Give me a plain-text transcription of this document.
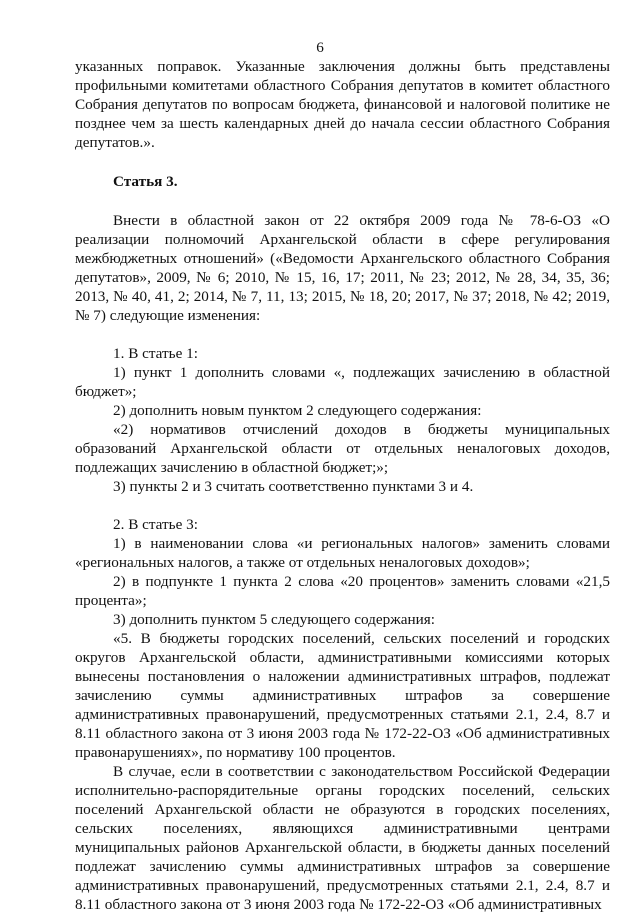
6

указанных поправок. Указанные заключения должны быть представлены профильными комитетами областного Собрания депутатов в комитет областного Собрания депутатов по вопросам бюджета, финансовой и налоговой политике не позднее чем за шесть календарных дней до начала сессии областного Собрания депутатов.».

Статья 3.

Внести в областной закон от 22 октября 2009 года № 78-6-ОЗ «О реализации полномочий Архангельской области в сфере регулирования межбюджетных отношений» («Ведомости Архангельского областного Собрания депутатов», 2009, № 6; 2010, № 15, 16, 17; 2011, № 23; 2012, № 28, 34, 35, 36; 2013, № 40, 41, 2; 2014, № 7, 11, 13; 2015, № 18, 20; 2017, № 37; 2018, № 42; 2019, № 7) следующие изменения:

1. В статье 1:

1) пункт 1 дополнить словами «, подлежащих зачислению в областной бюджет»;

2) дополнить новым пунктом 2 следующего содержания:

«2) нормативов отчислений доходов в бюджеты муниципальных образований Архангельской области от отдельных неналоговых доходов, подлежащих зачислению в областной бюджет;»;

3) пункты 2 и 3 считать соответственно пунктами 3 и 4.

2. В статье 3:

1) в наименовании слова «и региональных налогов» заменить словами «региональных налогов, а также от отдельных неналоговых доходов»;

2) в подпункте 1 пункта 2 слова «20 процентов» заменить словами «21,5 процента»;

3) дополнить пунктом 5 следующего содержания:

«5. В бюджеты городских поселений, сельских поселений и городских округов Архангельской области, административными комиссиями которых вынесены постановления о наложении административных штрафов, подлежат зачислению суммы административных штрафов за совершение административных правонарушений, предусмотренных статьями 2.1, 2.4, 8.7 и 8.11 областного закона от 3 июня 2003 года № 172-22-ОЗ «Об административных правонарушениях», по нормативу 100 процентов.

В случае, если в соответствии с законодательством Российской Федерации исполнительно-распорядительные органы городских поселений, сельских поселений Архангельской области не образуются в городских поселениях, сельских поселениях, являющихся административными центрами муниципальных районов Архангельской области, в бюджеты данных поселений подлежат зачислению суммы административных штрафов за совершение административных правонарушений, предусмотренных статьями 2.1, 2.4, 8.7 и 8.11 областного закона от 3 июня 2003 года № 172-22-ОЗ «Об административных
